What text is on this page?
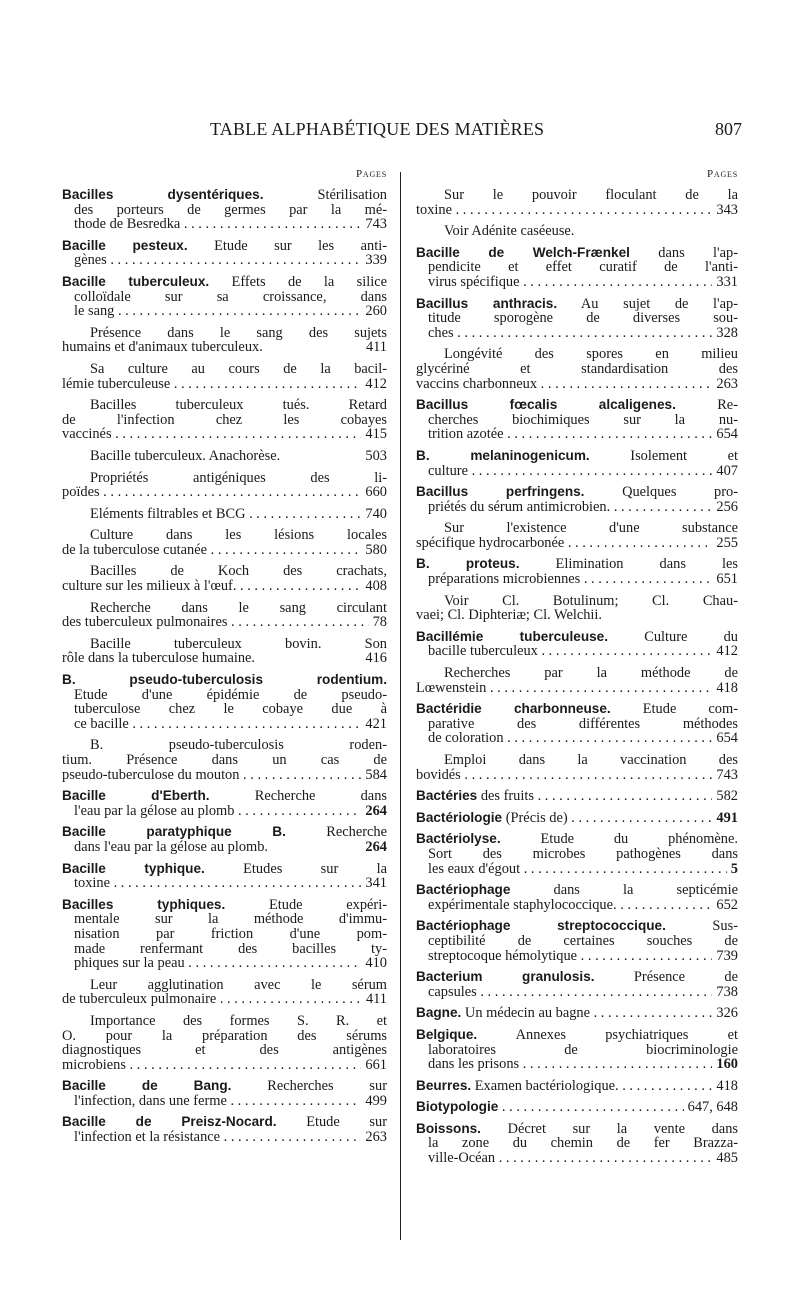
TABLE ALPHABÉTIQUE DES MATIÈRES	807
Pages
Bacilles dysentériques. Stérilisation
des porteurs de germes par la mé-
thode de Besredka . . .	743
Bacille pesteux. Etude sur les anti-
gènes . . .	339
Bacille tuberculeux. Effets de la silice
colloïdale sur sa croissance, dans
le sang . . .	260
Présence dans le sang des sujets
humains et d'animaux tuberculeux.	411
Sa culture au cours de la bacil-
lémie tuberculeuse . . .	412
Bacilles tuberculeux tués. Retard
de l'infection chez les cobayes
vaccinés . . .	415
Bacille tuberculeux. Anachorèse.	503
Propriétés antigéniques des li-
poïdes . . .	660
Eléments filtrables et BCG . . .	740
Culture dans les lésions locales
de la tuberculose cutanée . . .	580
Bacilles de Koch des crachats,
culture sur les milieux à l'œuf. . . .	408
Recherche dans le sang circulant
des tuberculeux pulmonaires . . .	78
Bacille tuberculeux bovin. Son
rôle dans la tuberculose humaine.	416
B. pseudo-tuberculosis rodentium.
Etude d'une épidémie de pseudo-
tuberculose chez le cobaye due à
ce bacille . . .	421
B. pseudo-tuberculosis roden-
tium. Présence dans un cas de
pseudo-tuberculose du mouton . . .	584
Bacille d'Eberth. Recherche dans
l'eau par la gélose au plomb . . .	264
Bacille paratyphique B. Recherche
dans l'eau par la gélose au plomb.	264
Bacille typhique. Etudes sur la
toxine . . .	341
Bacilles typhiques. Etude expéri-
mentale sur la méthode d'immu-
nisation par friction d'une pom-
made renfermant des bacilles ty-
phiques sur la peau . . .	410
Leur agglutination avec le sérum
de tuberculeux pulmonaire . . .	411
Importance des formes S. R. et
O. pour la préparation des sérums
diagnostiques et des antigènes
microbiens . . .	661
Bacille de Bang. Recherches sur
l'infection, dans une ferme . . .	499
Bacille de Preisz-Nocard. Etude sur
l'infection et la résistance . . .	263
Pages
Sur le pouvoir floculant de la
toxine . . .	343
Voir Adénite caséeuse.
Bacille de Welch-Frænkel dans l'ap-
pendicite et effet curatif de l'anti-
virus spécifique . . .	331
Bacillus anthracis. Au sujet de l'ap-
titude sporogène de diverses sou-
ches . . .	328
Longévité des spores en milieu
glycériné et standardisation des
vaccins charbonneux . . .	263
Bacillus fœcalis alcaligenes. Re-
cherches biochimiques sur la nu-
trition azotée . . .	654
B. melaninogenicum. Isolement et
culture . . .	407
Bacillus perfringens. Quelques pro-
priétés du sérum antimicrobien. . . .	256
Sur l'existence d'une substance
spécifique hydrocarbonée . . .	255
B. proteus. Elimination dans les
préparations microbiennes . . .	651
Voir Cl. Botulinum; Cl. Chau-
vaei; Cl. Diphteriæ; Cl. Welchii.
Bacillémie tuberculeuse. Culture du
bacille tuberculeux . . .	412
Recherches par la méthode de
Lœwenstein . . .	418
Bactéridie charbonneuse. Etude com-
parative des différentes méthodes
de coloration . . .	654
Emploi dans la vaccination des
bovidés . . .	743
Bactéries des fruits . . .	582
Bactériologie (Précis de) . . .	491
Bactériolyse. Etude du phénomène.
Sort des microbes pathogènes dans
les eaux d'égout . . .	5
Bactériophage dans la septicémie
expérimentale staphylococcique. . . .	652
Bactériophage streptococcique. Sus-
ceptibilité de certaines souches de
streptocoque hémolytique . . .	739
Bacterium granulosis. Présence de
capsules . . .	738
Bagne. Un médecin au bagne . . .	326
Belgique. Annexes psychiatriques et
laboratoires de biocriminologie
dans les prisons . . .	160
Beurres. Examen bactériologique. . . .	418
Biotypologie . . .	647, 648
Boissons. Décret sur la vente dans
la zone du chemin de fer Brazza-
ville-Océan . . .	485
